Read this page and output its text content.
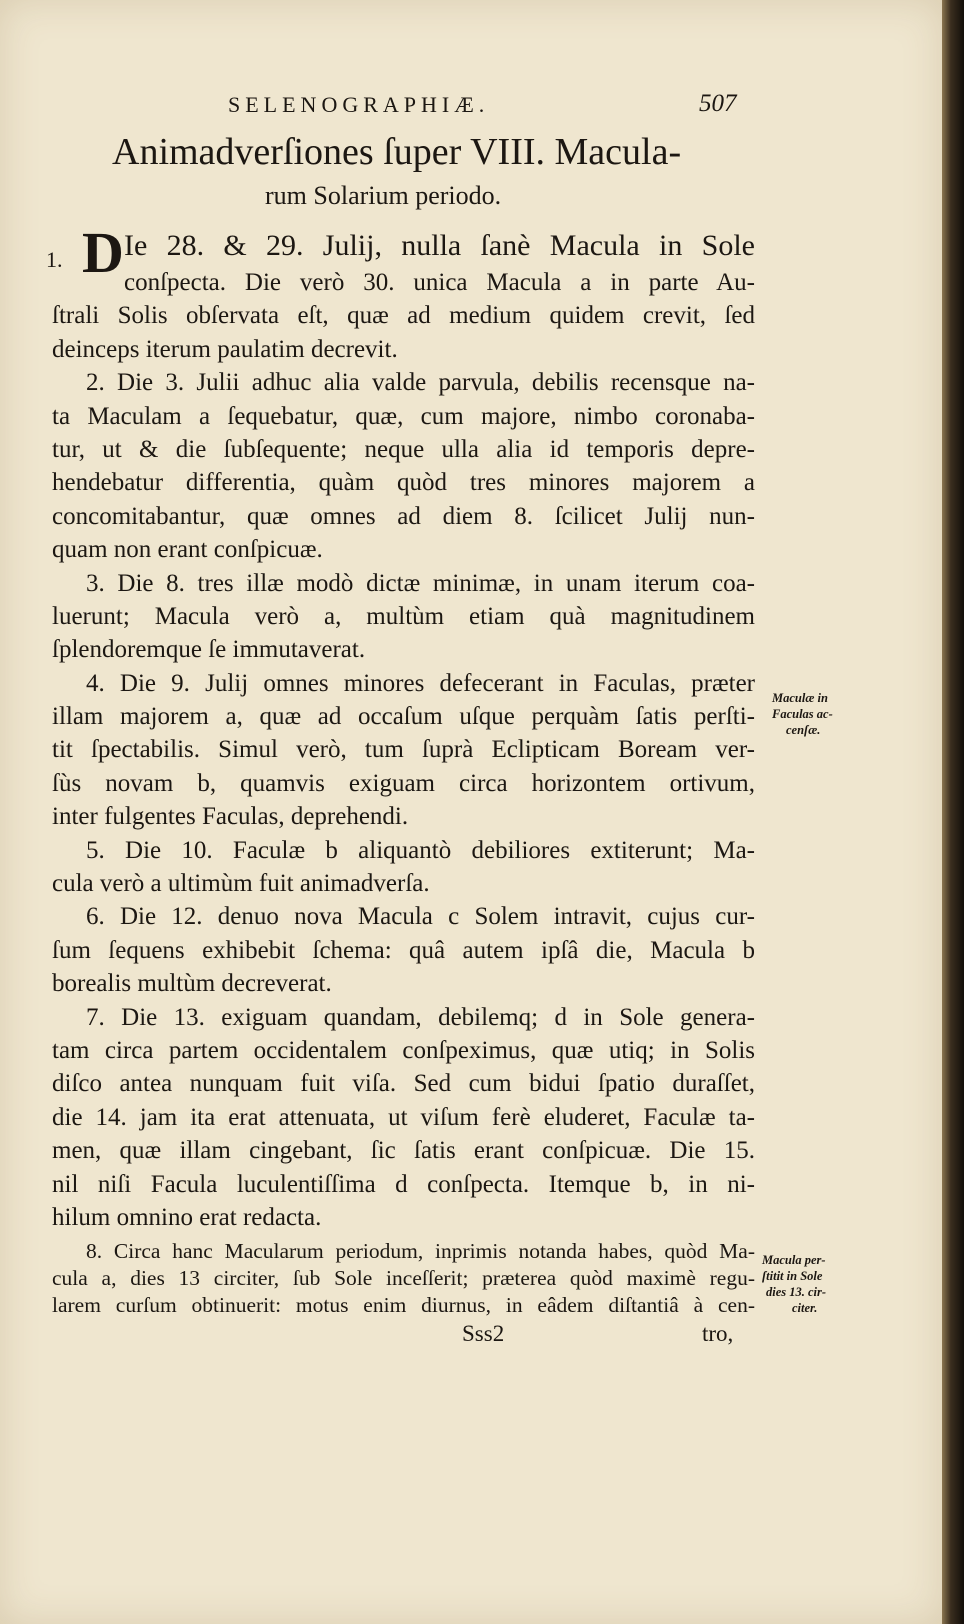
SELENOGRAPHIÆ.	507
Animadverſiones ſuper VIII. Macula-
rum Solarium periodo.
1. D Ie 28. & 29. Julij, nulla ſanè Macula in Sole
conſpecta. Die verò 30. unica Macula a in parte Au-
ſtrali Solis obſervata eſt, quæ ad medium quidem crevit, ſed
deinceps iterum paulatim decrevit.
2. Die 3. Julii adhuc alia valde parvula, debilis recensque na-
ta Maculam a ſequebatur, quæ, cum majore, nimbo coronaba-
tur, ut & die ſubſequente; neque ulla alia id temporis depre-
hendebatur differentia, quàm quòd tres minores majorem a
concomitabantur, quæ omnes ad diem 8. ſcilicet Julij nun-
quam non erant conſpicuæ.
3. Die 8. tres illæ modò dictæ minimæ, in unam iterum coa-
luerunt; Macula verò a, multùm etiam quà magnitudinem
ſplendoremque ſe immutaverat.
4. Die 9. Julij omnes minores defecerant in Faculas, præter
illam majorem a, quæ ad occaſum uſque perquàm ſatis perſti-
tit ſpectabilis. Simul verò, tum ſuprà Eclipticam Boream ver-
ſùs novam b, quamvis exiguam circa horizontem ortivum,
inter fulgentes Faculas, deprehendi.
5. Die 10. Faculæ b aliquantò debiliores extiterunt; Ma-
cula verò a ultimùm fuit animadverſa.
6. Die 12. denuo nova Macula c Solem intravit, cujus cur-
ſum ſequens exhibebit ſchema: quâ autem ipſâ die, Macula b
borealis multùm decreverat.
7. Die 13. exiguam quandam, debilemq; d in Sole genera-
tam circa partem occidentalem conſpeximus, quæ utiq; in Solis
diſco antea nunquam fuit viſa. Sed cum bidui ſpatio duraſſet,
die 14. jam ita erat attenuata, ut viſum ferè eluderet, Faculæ ta-
men, quæ illam cingebant, ſic ſatis erant conſpicuæ. Die 15.
nil niſi Facula luculentiſſima d conſpecta. Itemque b, in ni-
hilum omnino erat redacta.
8. Circa hanc Macularum periodum, inprimis notanda habes, quòd Ma-
cula a, dies 13 circiter, ſub Sole inceſſerit; præterea quòd maximè regu-
larem curſum obtinuerit: motus enim diurnus, in eâdem diſtantiâ à cen-
Sss2	tro,
Maculæ in
Faculas ac-
cenſæ.
Macula per-
ſtitit in Sole
dies 13. cir-
citer.
